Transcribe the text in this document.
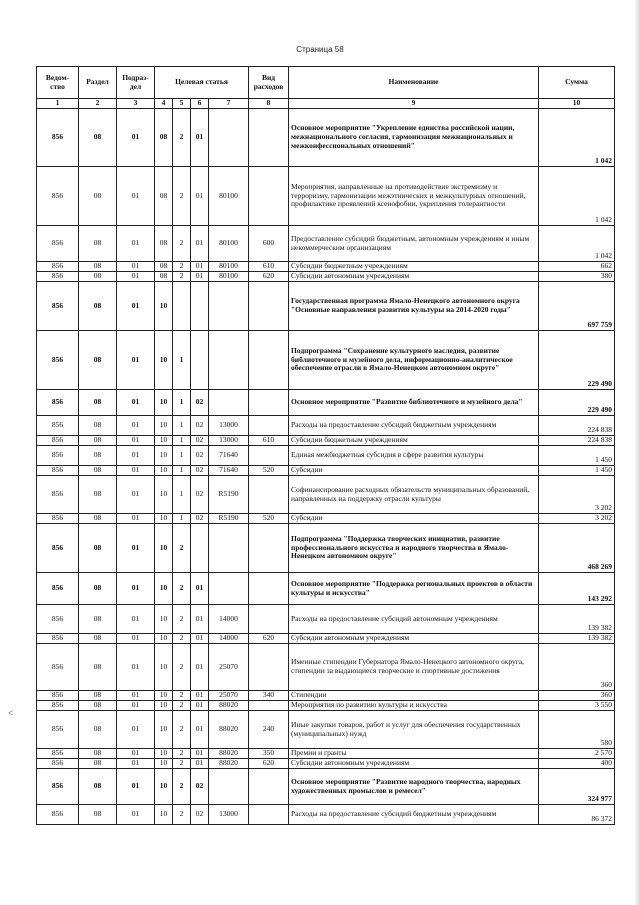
Страница 58
<
Ведом-ство	Раздел	Подраз-дел	Целевая статья				Вид расходов	Наименование	Сумма
1	2	3	4	5	6	7	8	9	10
856	08	01	08	2	01			Основное мероприятие "Укрепление единства российской нации, межнационального согласия, гармонизация межнациональных и межконфессиональных отношений"	1 042
856	08	01	08	2	01	80100		Мероприятия, направленные на противодействие экстремизму и терроризму, гармонизации межэтнических и межкультурных отношений, профилактике проявлений ксенофобии, укрепления толерантности	1 042
856	08	01	08	2	01	80100	600	Предоставление субсидий бюджетным, автономным учреждениям и иным некоммерческим организациям	1 042
856	08	01	08	2	01	80100	610	Субсидии бюджетным учреждениям	662
856	08	01	08	2	01	80100	620	Субсидии автономным учреждениям	380
856	08	01	10					Государственная программа Ямало-Ненецкого автономного округа "Основные направления развития культуры на 2014-2020 годы"	697 759
856	08	01	10	1				Подпрограмма "Сохранение культурного наследия, развитие библиотечного и музейного дела, информационно-аналитическое обеспечение отрасли в Ямало-Ненецком автономном округе"	229 490
856	08	01	10	1	02			Основное мероприятие "Развитие библиотечного и музейного дела"	229 490
856	08	01	10	1	02	13000		Расходы на предоставление субсидий бюджетным учреждениям	224 838
856	08	01	10	1	02	13000	610	Субсидии бюджетным учреждениям	224 838
856	08	01	10	1	02	71640		Единая межбюджетная субсидия в сфере развития культуры	1 450
856	08	01	10	1	02	71640	520	Субсидии	1 450
856	08	01	10	1	02	R5190		Софинансирование расходных обязательств муниципальных образований, направленных на поддержку отрасли культуры	3 202
856	08	01	10	1	02	R5190	520	Субсидии	3 202
856	08	01	10	2				Подпрограмма "Поддержка творческих инициатив, развитие профессионального искусства и народного творчества в Ямало-Ненецком автономном округе"	468 269
856	08	01	10	2	01			Основное мероприятие "Поддержка региональных проектов в области культуры и искусства"	143 292
856	08	01	10	2	01	14000		Расходы на предоставление субсидий автономным учреждениям	139 382
856	08	01	10	2	01	14000	620	Субсидии автономным учреждениям	139 382
856	08	01	10	2	01	25070		Именные стипендии Губернатора Ямало-Ненецкого автономного округа, стипендии за выдающиеся творческие и спортивные достижения	360
856	08	01	10	2	01	25070	340	Стипендии	360
856	08	01	10	2	01	88020		Мероприятия по развитию культуры и искусства	3 550
856	08	01	10	2	01	88020	240	Иные закупки товаров, работ и услуг для обеспечения государственных (муниципальных) нужд	580
856	08	01	10	2	01	88020	350	Премии и гранты	2 570
856	08	01	10	2	01	88020	620	Субсидии автономным учреждениям	400
856	08	01	10	2	02			Основное мероприятие "Развитие народного творчества, народных художественных промыслов и ремесел"	324 977
856	08	01	10	2	02	13000		Расходы на предоставление субсидий бюджетным учреждениям	86 372
